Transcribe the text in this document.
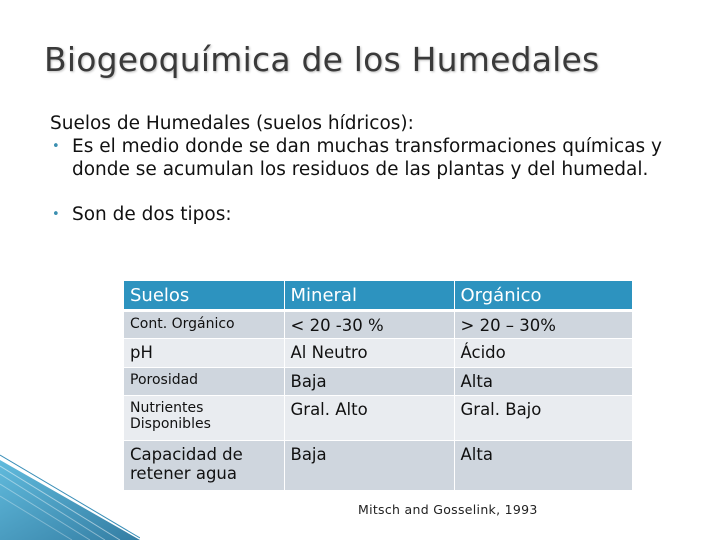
Biogeoquímica de los Humedales

Suelos de Humedales (suelos hídricos):

• Es el medio donde se dan muchas transformaciones químicas y donde se acumulan los residuos de las plantas y del humedal.

• Son de dos tipos:

Suelos	Mineral	Orgánico
Cont. Orgánico	< 20 -30 %	> 20 – 30%
pH	Al Neutro	Ácido
Porosidad	Baja	Alta
Nutrientes Disponibles	Gral. Alto	Gral. Bajo
Capacidad de retener agua	Baja	Alta
Mitsch and Gosselink, 1993
